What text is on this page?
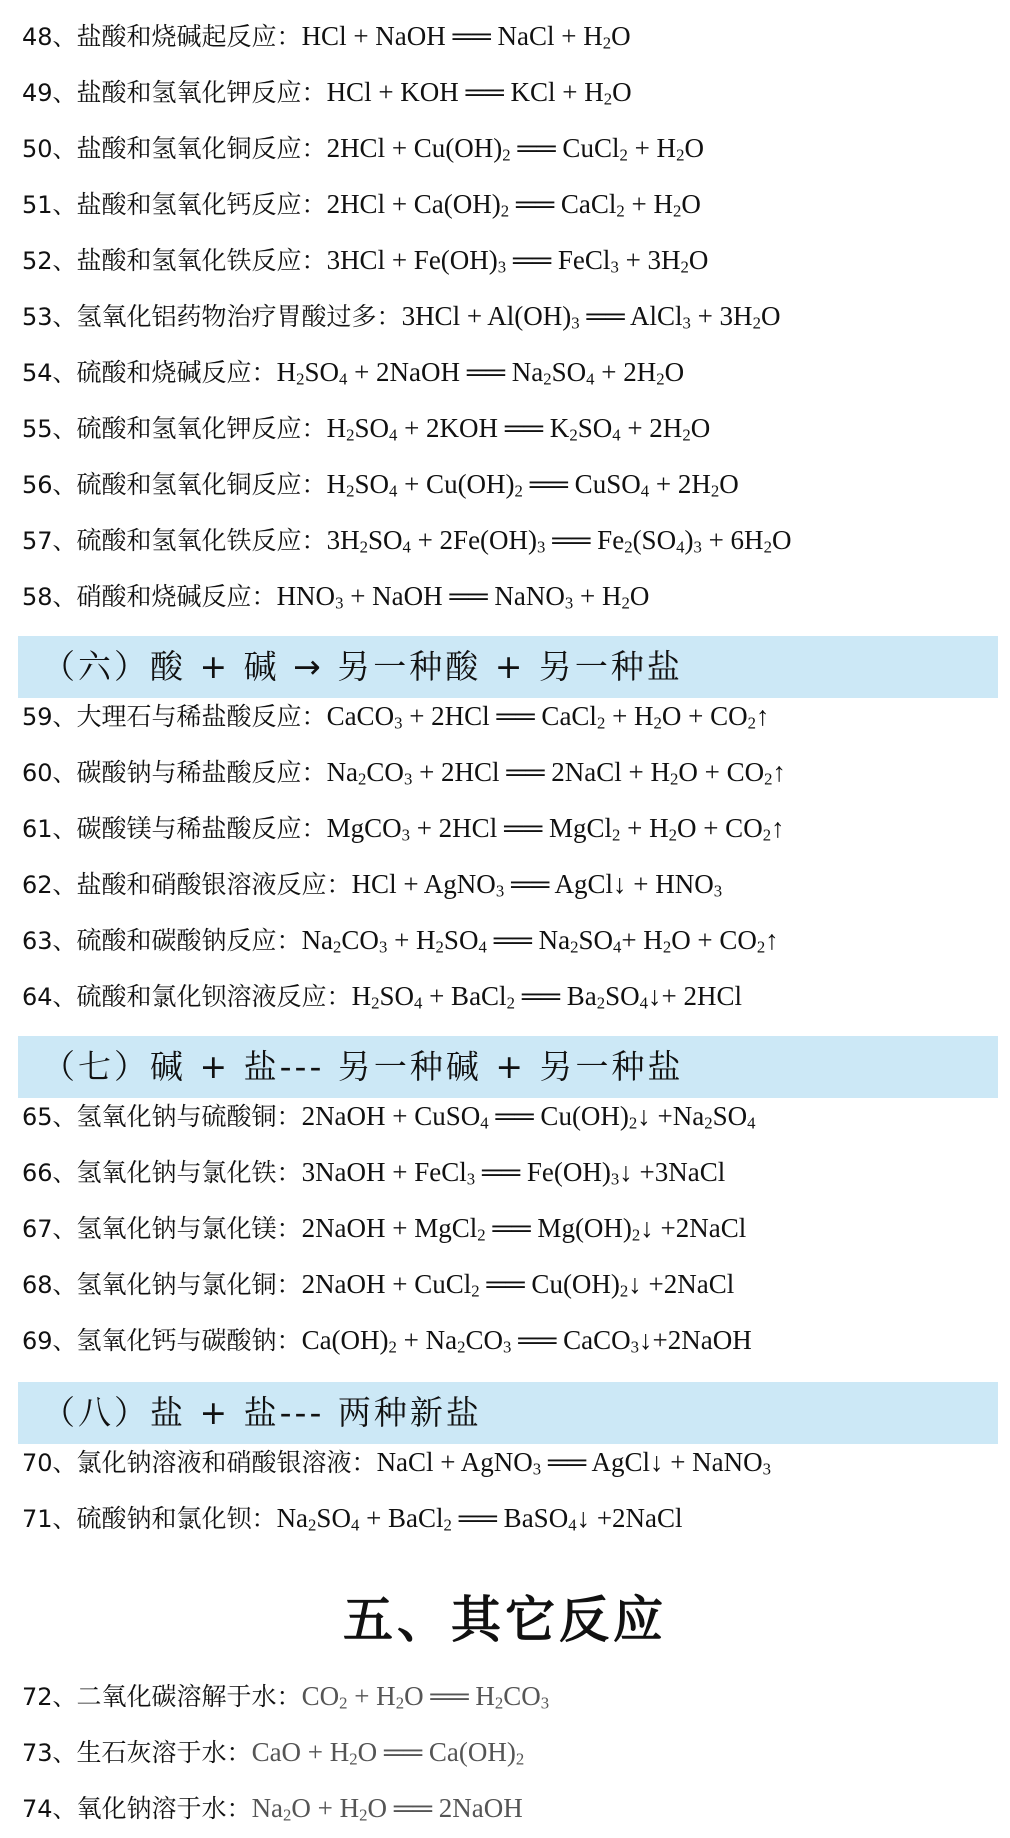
48、盐酸和烧碱起反应：HCl + NaOH ══ NaCl + $H_2O$
49、盐酸和氢氧化钾反应：HCl + KOH ══ KCl + $H_2O$
50、盐酸和氢氧化铜反应：$2HCl + Cu(OH)_2$ ══ CuCl$_2$ + $H_2O$
51、盐酸和氢氧化钙反应：$2HCl + Ca(OH)_2$ ══ CaCl$_2$ + $H_2O$
52、盐酸和氢氧化铁反应：$3HCl + Fe(OH)_3$ ══ FeCl$_3$ + $3H_2O$
53、氢氧化铝药物治疗胃酸过多：$3HCl + Al(OH)_3$ ══ AlCl$_3$ + $3H_2O$
54、硫酸和烧碱反应：$H_2SO_4$ + 2NaOH ══ $Na_2SO_4 + 2H_2O$
55、硫酸和氢氧化钾反应：$H_2SO_4 + 2KOH$ ══ $K_2SO_4 + 2H_2O$
56、硫酸和氢氧化铜反应：$H_2SO_4 + Cu(OH)_2$ ══ CuSO$_4$ + $2H_2O$
57、硫酸和氢氧化铁反应：$3H_2SO_4 + 2Fe(OH)_3$ ══ $Fe_2(SO_4)_3 + 6H_2O$
58、硝酸和烧碱反应：$HNO_3$ + NaOH ══ NaNO$_3$ + $H_2O$
（六）酸 + 碱 → 另一种酸 + 另一种盐
59、大理石与稀盐酸反应：CaCO$_3$ + 2HCl ══ CaCl$_2$ + $H_2O$ + $CO_2↑$
60、碳酸钠与稀盐酸反应：$Na_2CO_3 + 2HCl$ ══ 2NaCl + $H_2O$ + $CO_2↑$
61、碳酸镁与稀盐酸反应：MgCO$_3$ + 2HCl ══ MgCl$_2$ + $H_2O$ + $CO_2↑$
62、盐酸和硝酸银溶液反应：HCl + AgNO$_3$ ══ AgCl↓ + $HNO_3$
63、硫酸和碳酸钠反应：$Na_2CO_3 + H_2SO_4$ ══ $Na_2SO_4+ H_2O$ + $CO_2↑$
64、硫酸和氯化钡溶液反应：$H_2SO_4$ + BaCl$_2$ ══ $Ba_2SO_4↓+ 2HCl$
（七）碱 + 盐--- 另一种碱 + 另一种盐
65、氢氧化钠与硫酸铜：2NaOH + CuSO$_4$ ══ $Cu(OH)_2↓ +Na_2SO_4$
66、氢氧化钠与氯化铁：3NaOH + FeCl$_3$ ══ $Fe(OH)_3↓$ +3NaCl
67、氢氧化钠与氯化镁：2NaOH + MgCl$_2$ ══ $Mg(OH)_2↓$ +2NaCl
68、氢氧化钠与氯化铜：2NaOH + CuCl$_2$ ══ $Cu(OH)_2↓$ +2NaCl
69、氢氧化钙与碳酸钠：$Ca(OH)_2 + Na_2CO_3$ ══ CaCO$_3$↓+2NaOH
（八）盐 + 盐--- 两种新盐
70、氯化钠溶液和硝酸银溶液：NaCl + AgNO$_3$ ══ AgCl↓ + NaNO$_3$
71、硫酸钠和氯化钡：$Na_2SO_4$ + BaCl$_2$ ══ BaSO$_4$↓ +2NaCl
五、其它反应
72、二氧化碳溶解于水：$CO_2 + H_2O$ ══ $H_2CO_3$
73、生石灰溶于水：CaO + $H_2O$ ══ $Ca(OH)_2$
74、氧化钠溶于水：$Na_2O + H_2O$ ══ 2NaOH
